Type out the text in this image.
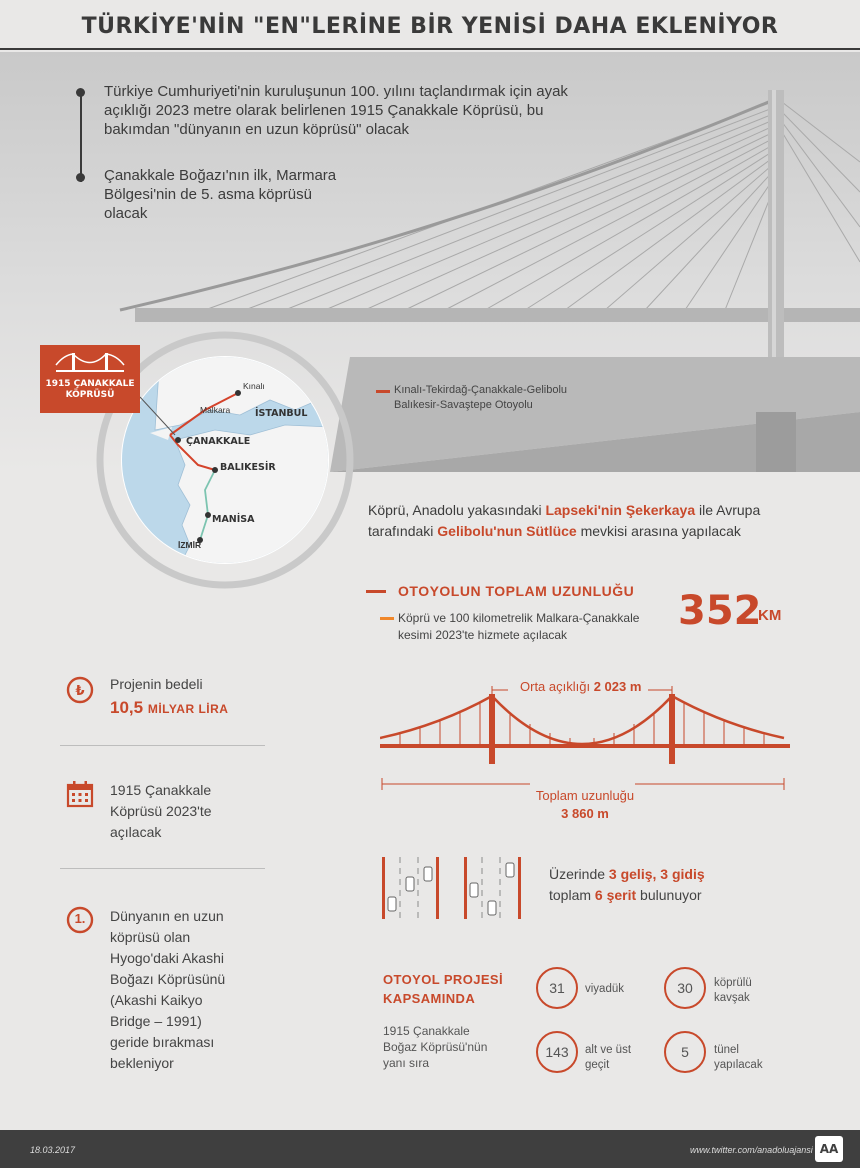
TÜRKİYE'NİN "EN"LERİNE BİR YENİSİ DAHA EKLENİYOR
Türkiye Cumhuriyeti'nin kuruluşunun 100. yılını taçlandırmak için ayak
açıklığı 2023 metre olarak belirlenen 1915 Çanakkale Köprüsü, bu
bakımdan "dünyanın en uzun köprüsü" olacak
Çanakkale Boğazı'nın ilk, Marmara
Bölgesi'nin de 5. asma köprüsü
olacak
Kınalı
Malkara	İSTANBUL
ÇANAKKALE
BALIKESİR
MANİSA
İZMİR
1915 ÇANAKKALE
KÖPRÜSÜ	Kınalı-Tekirdağ-Çanakkale-Gelibolu
Balıkesir-Savaştepe Otoyolu
Köprü, Anadolu yakasındaki Lapseki'nin Şekerkaya ile Avrupa
tarafındaki Gelibolu'nun Sütlüce mevkisi arasına yapılacak
OTOYOLUN TOPLAM UZUNLUĞU
Köprü ve 100 kilometrelik Malkara-Çanakkale
kesimi 2023'te hizmete açılacak
352
KM
₺ Projenin bedeli
10,5 MİLYAR LİRA
1915 Çanakkale
Köprüsü 2023'te
açılacak
1.	Dünyanın en uzun
köprüsü olan
Hyogo'daki Akashi
Boğazı Köprüsünü
(Akashi Kaikyo
Bridge – 1991)
geride bırakması
bekleniyor
Orta açıklığı 2 023 m
Toplam uzunluğu
3 860 m
Üzerinde 3 geliş, 3 gidiş
toplam 6 şerit bulunuyor
OTOYOL PROJESİ
KAPSAMINDA
1915 Çanakkale
Boğaz Köprüsü'nün
yanı sıra
31	viyadük	30	köprülü
kavşak
143	alt ve üst
geçit
5	tünel
yapılacak
18.03.2017	www.twitter.com/anadoluajansi AA
